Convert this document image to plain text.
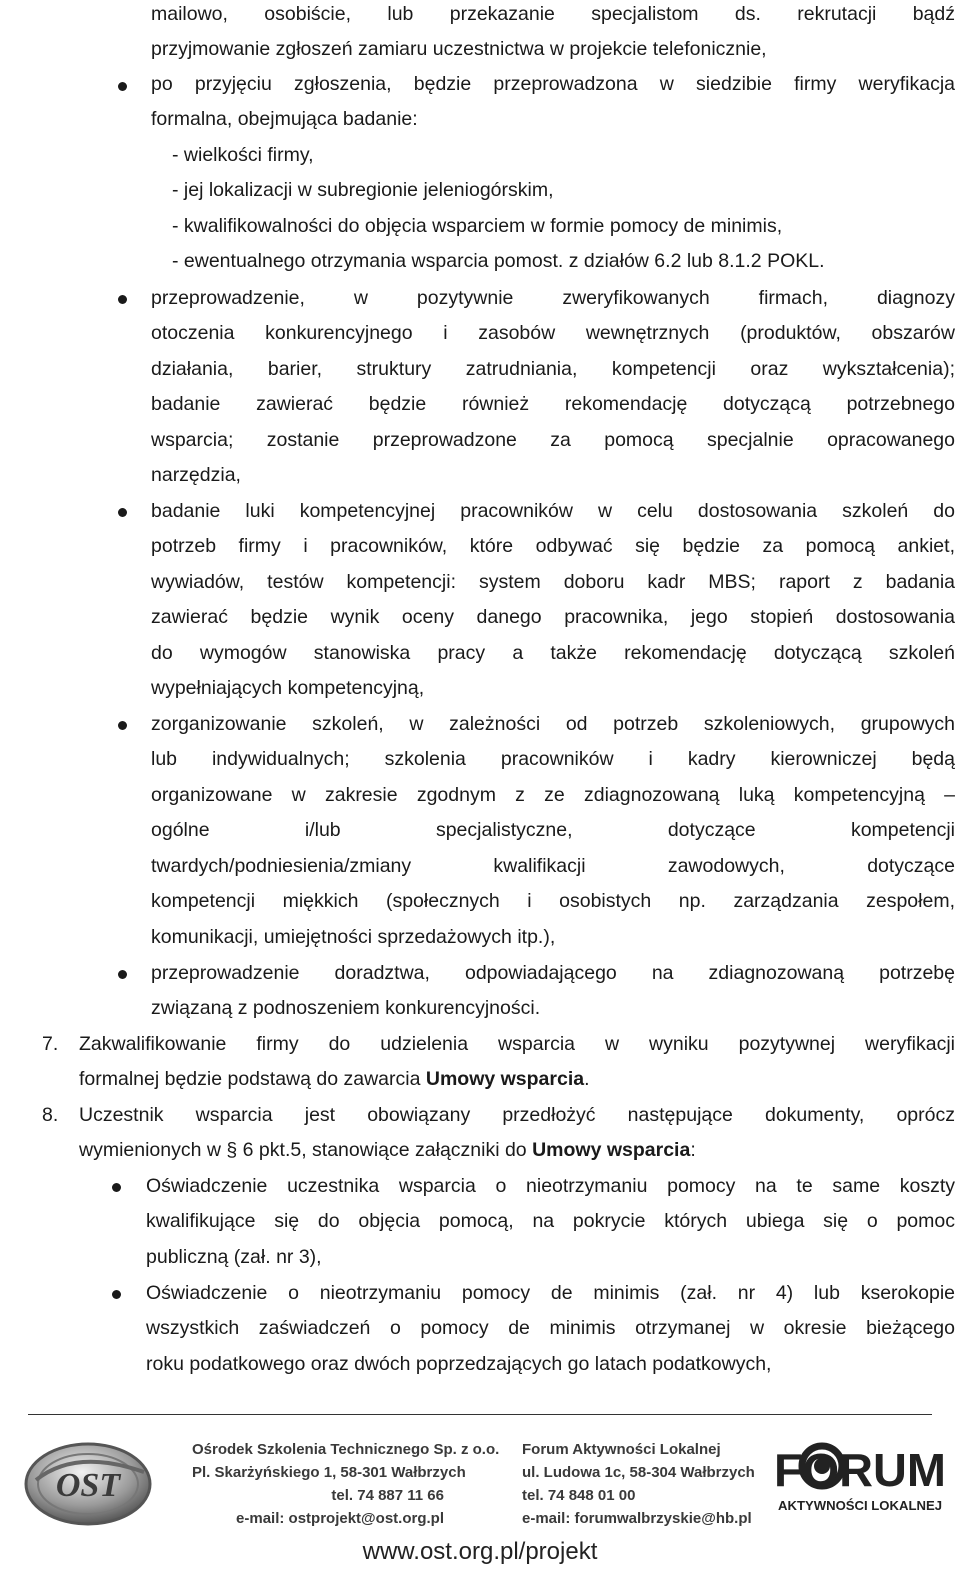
mailowo, osobiście, lub przekazanie specjalistom ds. rekrutacji bądź
przyjmowanie zgłoszeń zamiaru uczestnictwa w projekcie telefonicznie,
po przyjęciu zgłoszenia, będzie przeprowadzona w siedzibie firmy weryfikacja
formalna, obejmująca badanie:
- wielkości firmy,
- jej lokalizacji w subregionie jeleniogórskim,
- kwalifikowalności do objęcia wsparciem w formie pomocy de minimis,
- ewentualnego otrzymania wsparcia pomost. z działów 6.2 lub 8.1.2 POKL.
przeprowadzenie, w pozytywnie zweryfikowanych firmach, diagnozy
otoczenia konkurencyjnego i zasobów wewnętrznych (produktów, obszarów
działania, barier, struktury zatrudniania, kompetencji oraz wykształcenia);
badanie zawierać będzie również rekomendację dotyczącą potrzebnego
wsparcia; zostanie przeprowadzone za pomocą specjalnie opracowanego
narzędzia,
badanie luki kompetencyjnej pracowników w celu dostosowania szkoleń do
potrzeb firmy i pracowników, które odbywać się będzie za pomocą ankiet,
wywiadów, testów kompetencji: system doboru kadr MBS; raport z badania
zawierać będzie wynik oceny danego pracownika, jego stopień dostosowania
do wymogów stanowiska pracy a także rekomendację dotyczącą szkoleń
wypełniających kompetencyjną,
zorganizowanie szkoleń, w zależności od potrzeb szkoleniowych, grupowych
lub indywidualnych; szkolenia pracowników i kadry kierowniczej będą
organizowane w zakresie zgodnym z ze zdiagnozowaną luką kompetencyjną –
ogólne i/lub specjalistyczne, dotyczące kompetencji
twardych/podniesienia/zmiany kwalifikacji zawodowych, dotyczące
kompetencji miękkich (społecznych i osobistych np. zarządzania zespołem,
komunikacji, umiejętności sprzedażowych itp.),
przeprowadzenie doradztwa, odpowiadającego na zdiagnozowaną potrzebę
związaną z podnoszeniem konkurencyjności.
7. Zakwalifikowanie firmy do udzielenia wsparcia w wyniku pozytywnej weryfikacji
formalnej będzie podstawą do zawarcia Umowy wsparcia.
8. Uczestnik wsparcia jest obowiązany przedłożyć następujące dokumenty, oprócz
wymienionych w § 6 pkt.5, stanowiące załączniki do Umowy wsparcia:
Oświadczenie uczestnika wsparcia o nieotrzymaniu pomocy na te same koszty
kwalifikujące się do objęcia pomocą, na pokrycie których ubiega się o pomoc
publiczną (zał. nr 3),
Oświadczenie o nieotrzymaniu pomocy de minimis (zał. nr 4) lub kserokopie
wszystkich zaświadczeń o pomocy de minimis otrzymanej w okresie bieżącego
roku podatkowego oraz dwóch poprzedzających go latach podatkowych,
OST
Ośrodek Szkolenia Technicznego Sp. z o.o.
Pl. Skarżyńskiego 1, 58-301 Wałbrzych
tel. 74 887 11 66
e-mail: ostprojekt@ost.org.pl
Forum Aktywności Lokalnej
ul. Ludowa 1c, 58-304 Wałbrzych
tel. 74 848 01 00
e-mail: forumwalbrzyskie@hb.pl
FORUM
AKTYWNOŚCI LOKALNEJ
www.ost.org.pl/projekt
